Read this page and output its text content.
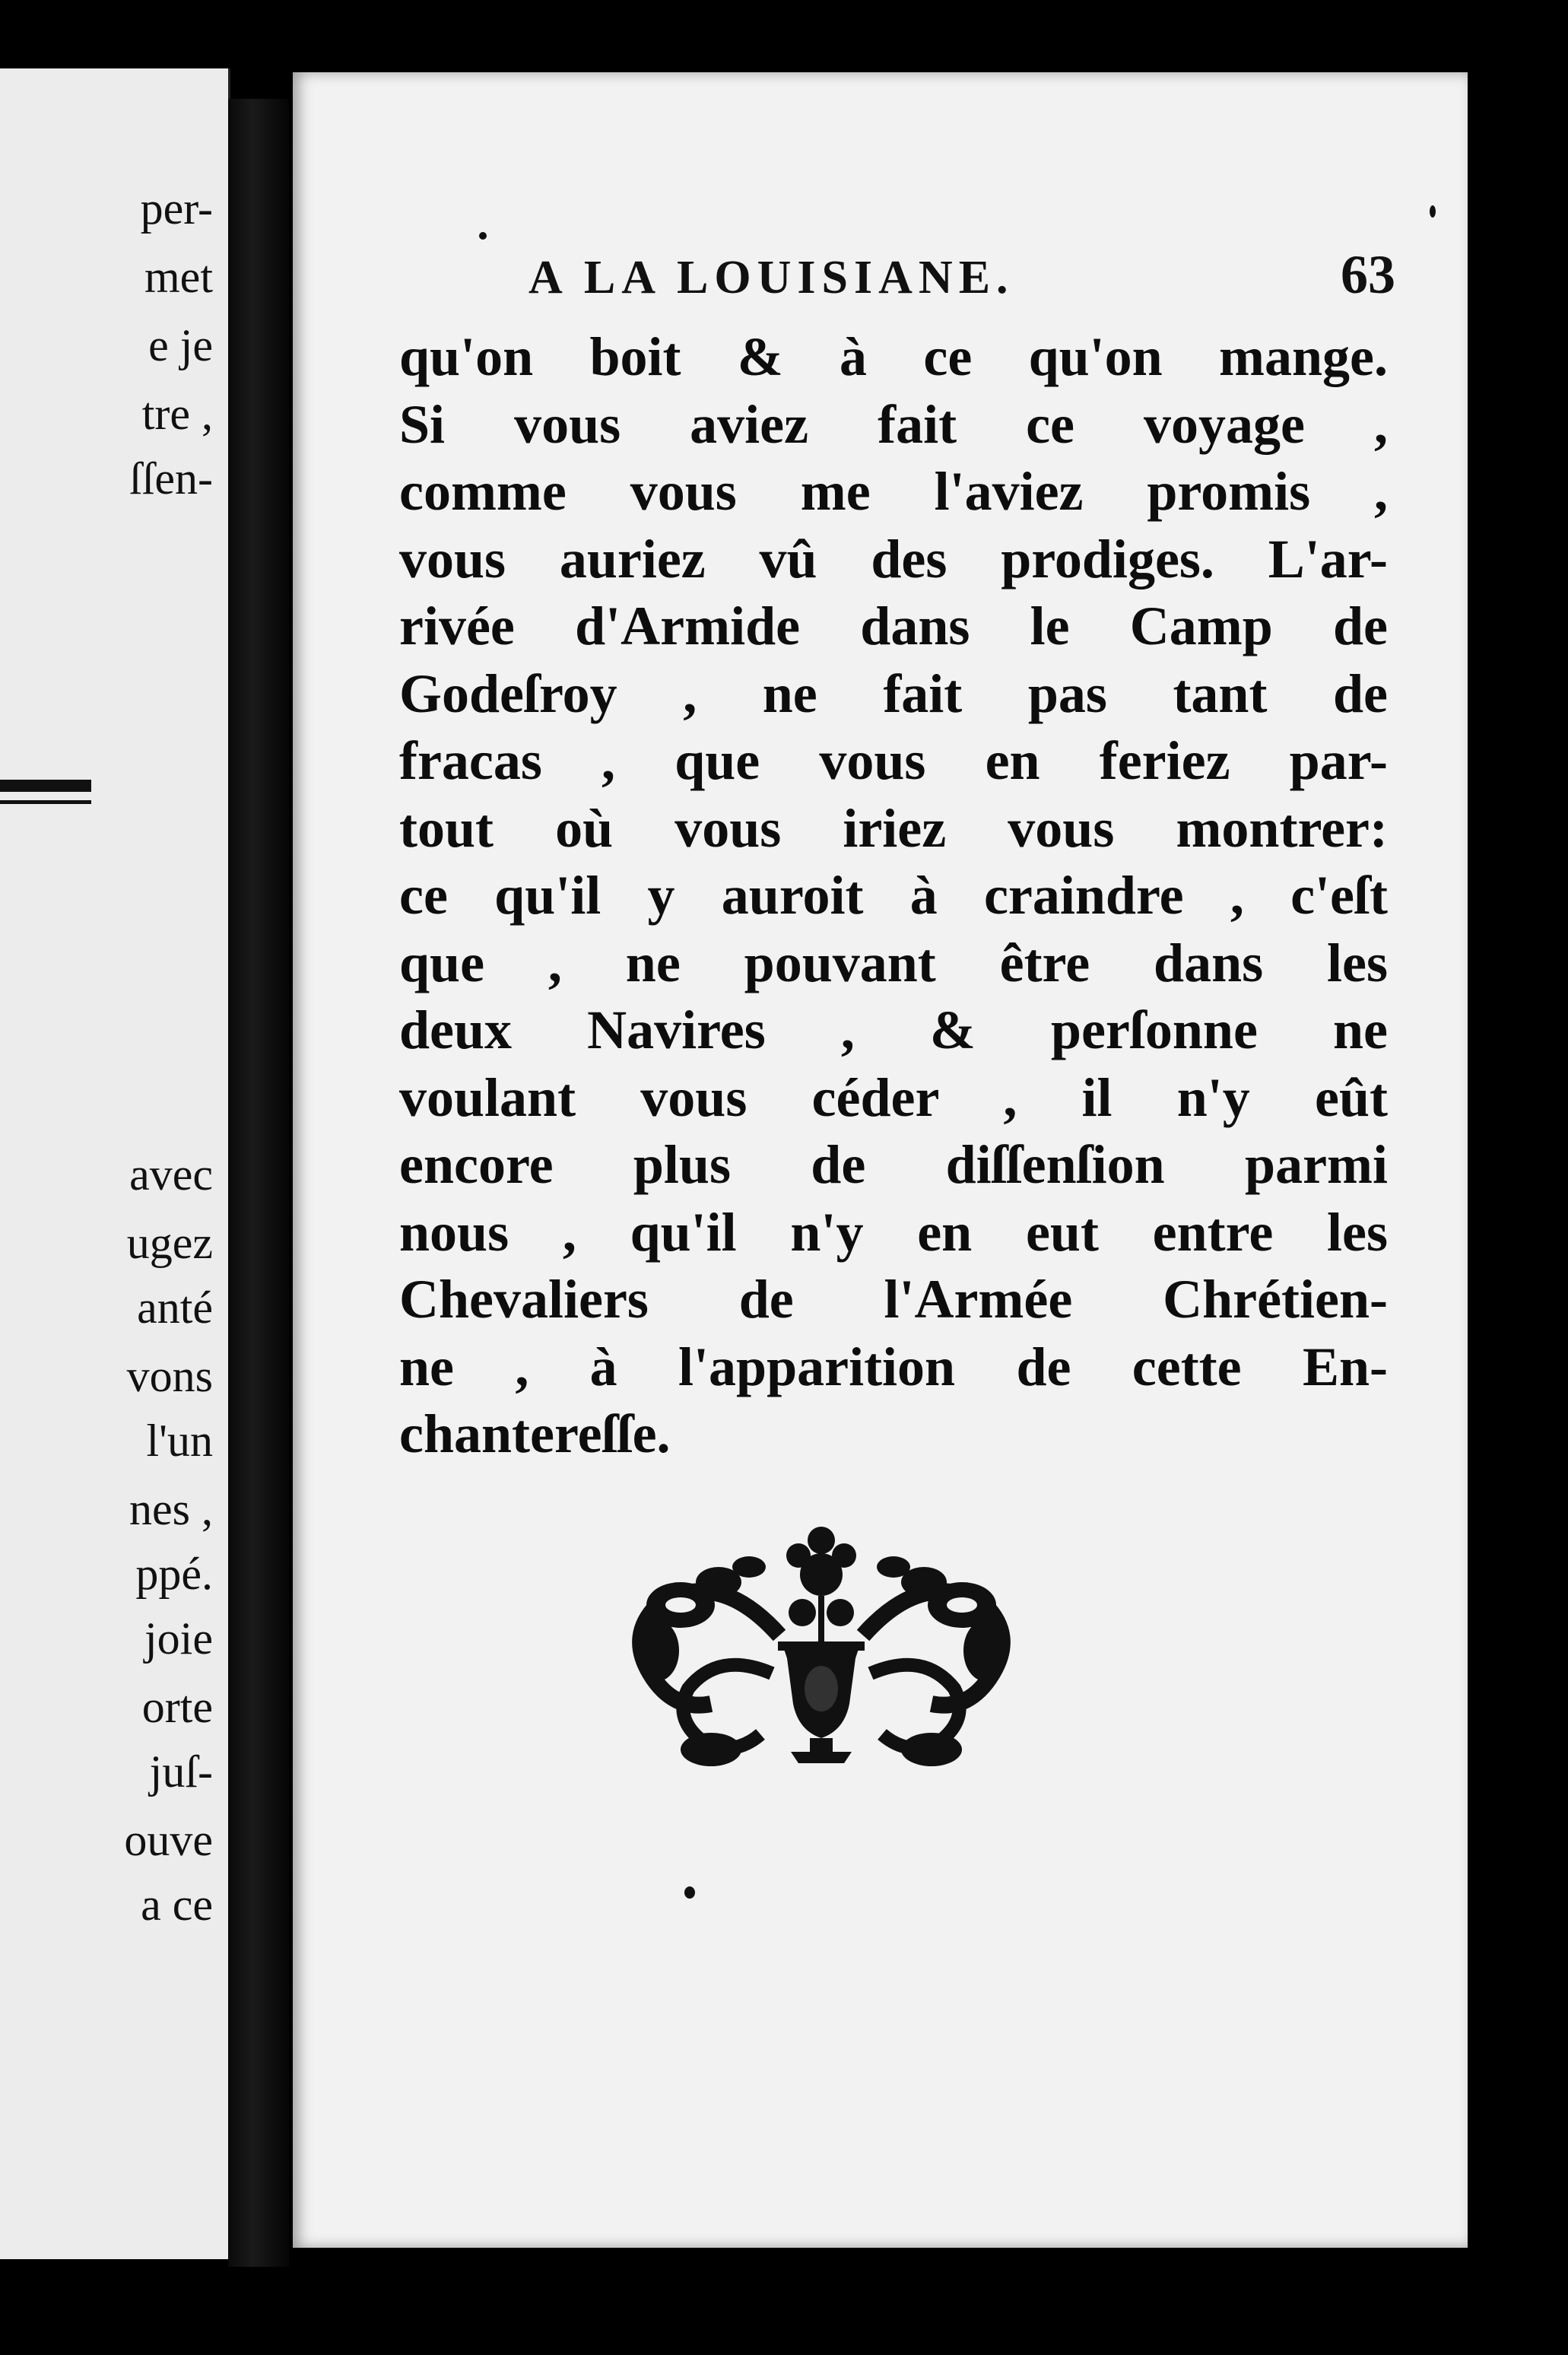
per-
met
e je
tre ,
ſſen-
avec
ugez
anté
vons
l'un
nes ,
ppé.
joie
orte
juſ-
ouve
a ce
A LA LOUISIANE.	63
qu'on boit & à ce qu'on mange.
Si vous aviez fait ce voyage ,
comme vous me l'aviez promis ,
vous auriez vû des prodiges. L'ar-
rivée d'Armide dans le Camp de
Godeſroy , ne fait pas tant de
fracas , que vous en feriez par-
tout où vous iriez vous montrer:
ce qu'il y auroit à craindre , c'eſt
que , ne pouvant être dans les
deux Navires , & perſonne ne
voulant vous céder , il n'y eût
encore plus de diſſenſion parmi
nous , qu'il n'y en eut entre les
Chevaliers de l'Armée Chrétien-
ne , à l'apparition de cette En-
chantereſſe.
